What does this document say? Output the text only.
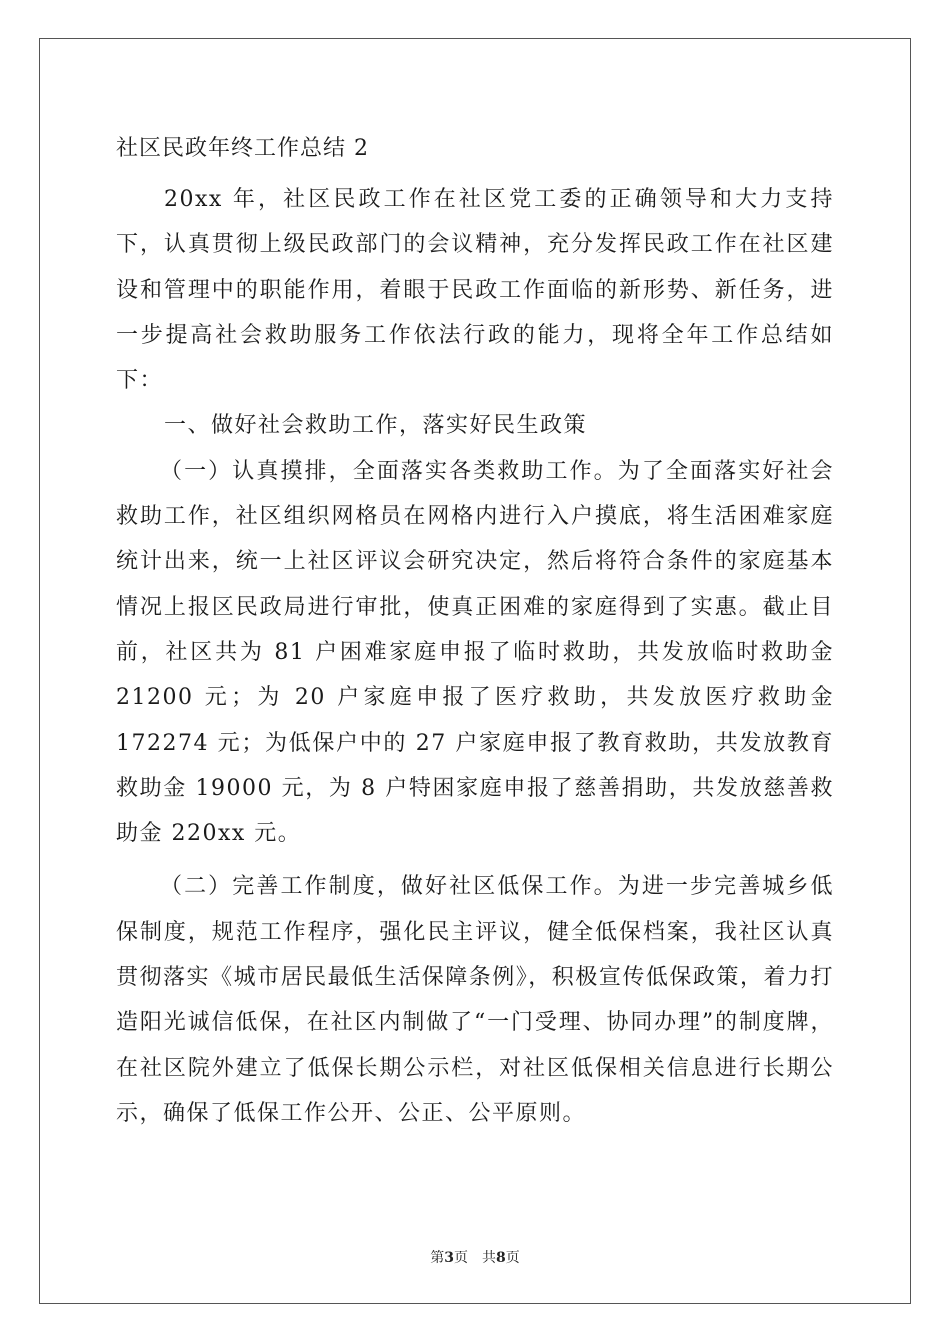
社区民政年终工作总结 2

20xx 年，社区民政工作在社区党工委的正确领导和大力支持下，认真贯彻上级民政部门的会议精神，充分发挥民政工作在社区建设和管理中的职能作用，着眼于民政工作面临的新形势、新任务，进一步提高社会救助服务工作依法行政的能力，现将全年工作总结如下：

一、做好社会救助工作，落实好民生政策

（一）认真摸排，全面落实各类救助工作。为了全面落实好社会救助工作，社区组织网格员在网格内进行入户摸底，将生活困难家庭统计出来，统一上社区评议会研究决定，然后将符合条件的家庭基本情况上报区民政局进行审批，使真正困难的家庭得到了实惠。截止目前，社区共为 81 户困难家庭申报了临时救助，共发放临时救助金 21200 元；为 20 户家庭申报了医疗救助，共发放医疗救助金 172274 元；为低保户中的 27 户家庭申报了教育救助，共发放教育救助金 19000 元，为 8 户特困家庭申报了慈善捐助，共发放慈善救助金 220xx 元。

（二）完善工作制度，做好社区低保工作。为进一步完善城乡低保制度，规范工作程序，强化民主评议，健全低保档案，我社区认真贯彻落实《城市居民最低生活保障条例》，积极宣传低保政策，着力打造阳光诚信低保，在社区内制做了“一门受理、协同办理”的制度牌，在社区院外建立了低保长期公示栏，对社区低保相关信息进行长期公示，确保了低保工作公开、公正、公平原则。

第3页 共8页
